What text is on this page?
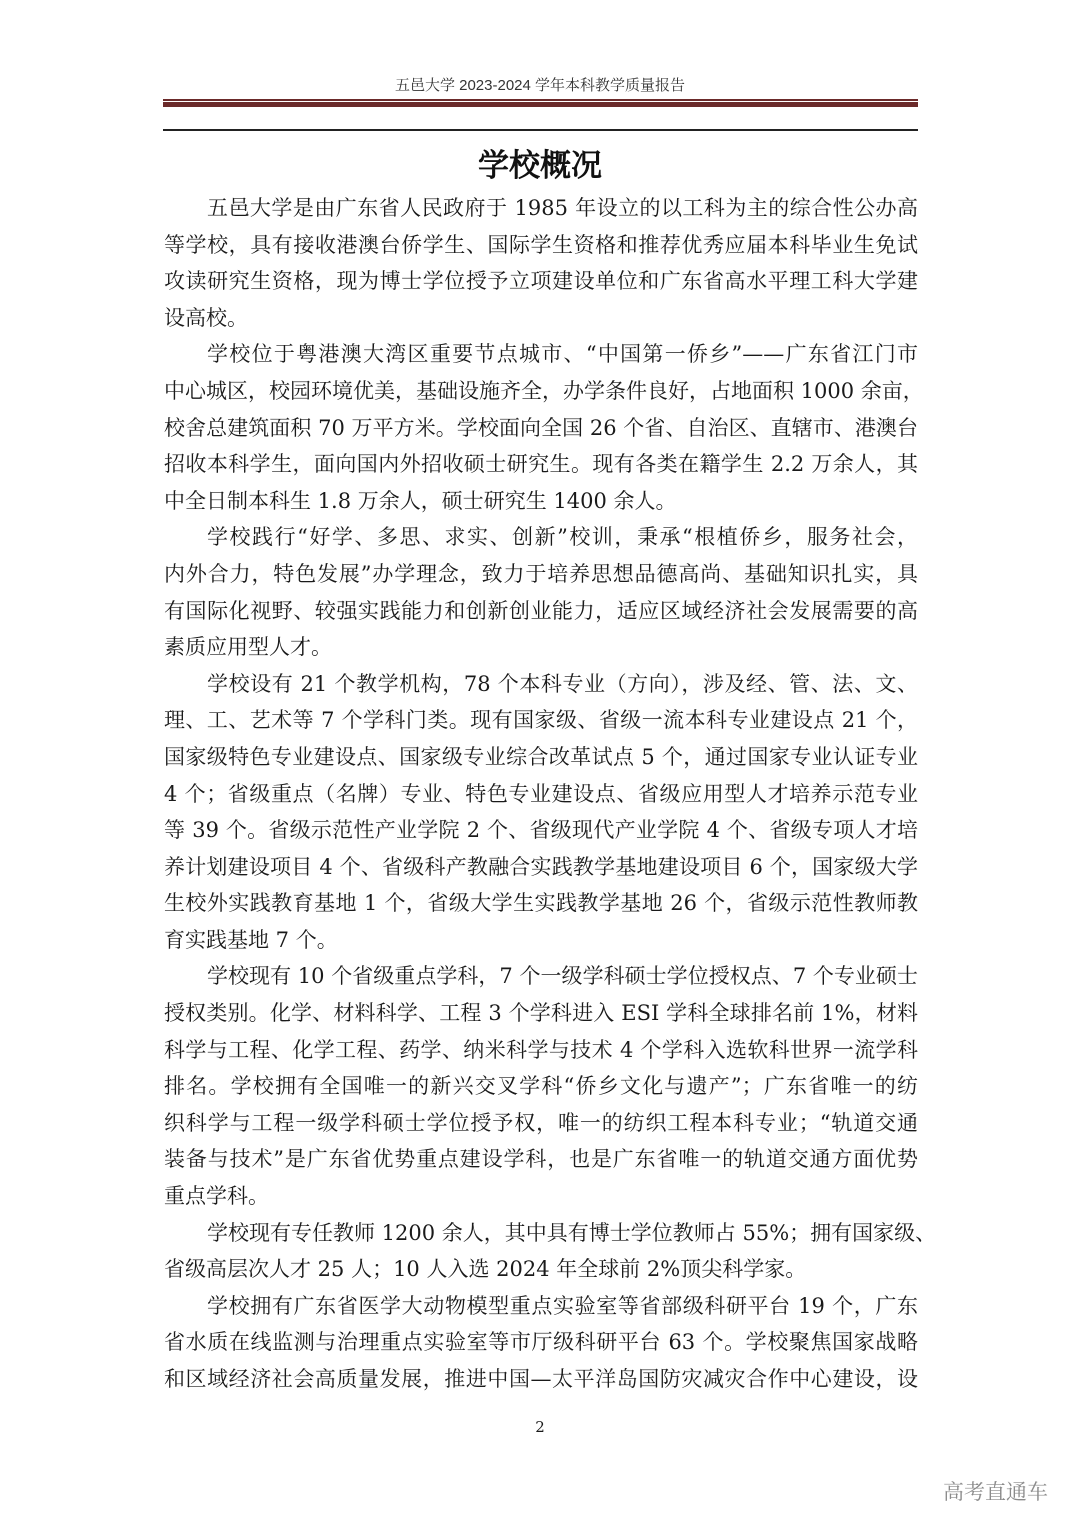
五邑大学 2023-2024 学年本科教学质量报告
学校概况
五邑大学是由广东省人民政府于 1985 年设立的以工科为主的综合性公办高
等学校，具有接收港澳台侨学生、国际学生资格和推荐优秀应届本科毕业生免试
攻读研究生资格，现为博士学位授予立项建设单位和广东省高水平理工科大学建
设高校。
学校位于粤港澳大湾区重要节点城市、“中国第一侨乡”——广东省江门市
中心城区，校园环境优美，基础设施齐全，办学条件良好，占地面积 1000 余亩，
校舍总建筑面积 70 万平方米。学校面向全国 26 个省、自治区、直辖市、港澳台
招收本科学生，面向国内外招收硕士研究生。现有各类在籍学生 2.2 万余人，其
中全日制本科生 1.8 万余人，硕士研究生 1400 余人。
学校践行“好学、多思、求实、创新”校训，秉承“根植侨乡，服务社会，
内外合力，特色发展”办学理念，致力于培养思想品德高尚、基础知识扎实，具
有国际化视野、较强实践能力和创新创业能力，适应区域经济社会发展需要的高
素质应用型人才。
学校设有 21 个教学机构，78 个本科专业（方向），涉及经、管、法、文、
理、工、艺术等 7 个学科门类。现有国家级、省级一流本科专业建设点 21 个，
国家级特色专业建设点、国家级专业综合改革试点 5 个，通过国家专业认证专业
4 个；省级重点（名牌）专业、特色专业建设点、省级应用型人才培养示范专业
等 39 个。省级示范性产业学院 2 个、省级现代产业学院 4 个、省级专项人才培
养计划建设项目 4 个、省级科产教融合实践教学基地建设项目 6 个，国家级大学
生校外实践教育基地 1 个，省级大学生实践教学基地 26 个，省级示范性教师教
育实践基地 7 个。
学校现有 10 个省级重点学科，7 个一级学科硕士学位授权点、7 个专业硕士
授权类别。化学、材料科学、工程 3 个学科进入 ESI 学科全球排名前 1%，材料
科学与工程、化学工程、药学、纳米科学与技术 4 个学科入选软科世界一流学科
排名。学校拥有全国唯一的新兴交叉学科“侨乡文化与遗产”；广东省唯一的纺
织科学与工程一级学科硕士学位授予权，唯一的纺织工程本科专业；“轨道交通
装备与技术”是广东省优势重点建设学科，也是广东省唯一的轨道交通方面优势
重点学科。
学校现有专任教师 1200 余人，其中具有博士学位教师占 55%；拥有国家级、
省级高层次人才 25 人；10 人入选 2024 年全球前 2%顶尖科学家。
学校拥有广东省医学大动物模型重点实验室等省部级科研平台 19 个，广东
省水质在线监测与治理重点实验室等市厅级科研平台 63 个。学校聚焦国家战略
和区域经济社会高质量发展，推进中国—太平洋岛国防灾减灾合作中心建设，设
2
高考直通车
